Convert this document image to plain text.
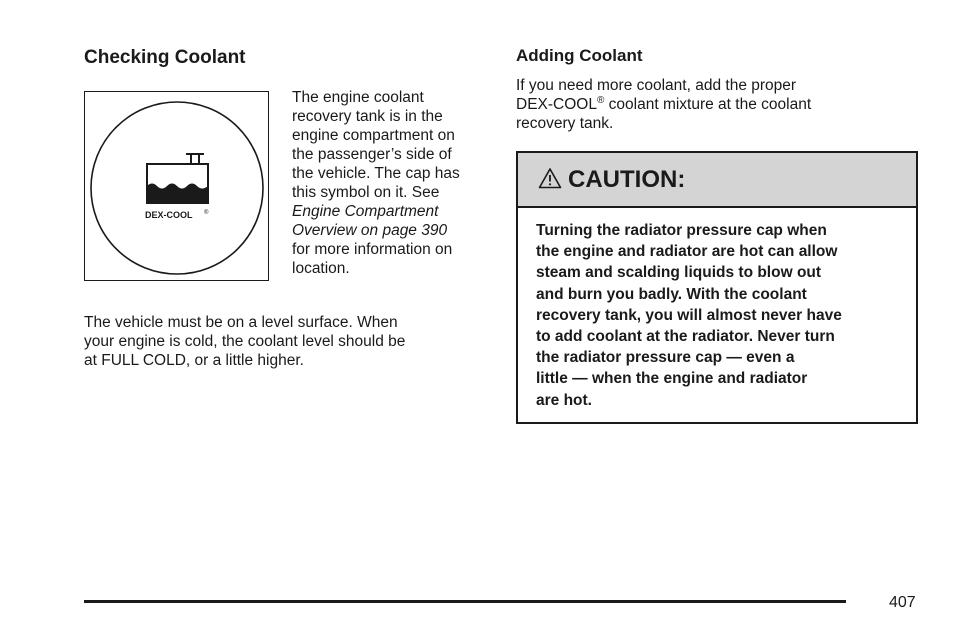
Checking Coolant
DEX-COOL ®
The engine coolant
recovery tank is in the
engine compartment on
the passenger’s side of
the vehicle. The cap has
this symbol on it. See
Engine Compartment
Overview on page 390
for more information on
location.
The vehicle must be on a level surface. When
your engine is cold, the coolant level should be
at FULL COLD, or a little higher.
Adding Coolant
If you need more coolant, add the proper
DEX-COOL® coolant mixture at the coolant
recovery tank.
CAUTION:
Turning the radiator pressure cap when
the engine and radiator are hot can allow
steam and scalding liquids to blow out
and burn you badly. With the coolant
recovery tank, you will almost never have
to add coolant at the radiator. Never turn
the radiator pressure cap — even a
little — when the engine and radiator
are hot.
407
